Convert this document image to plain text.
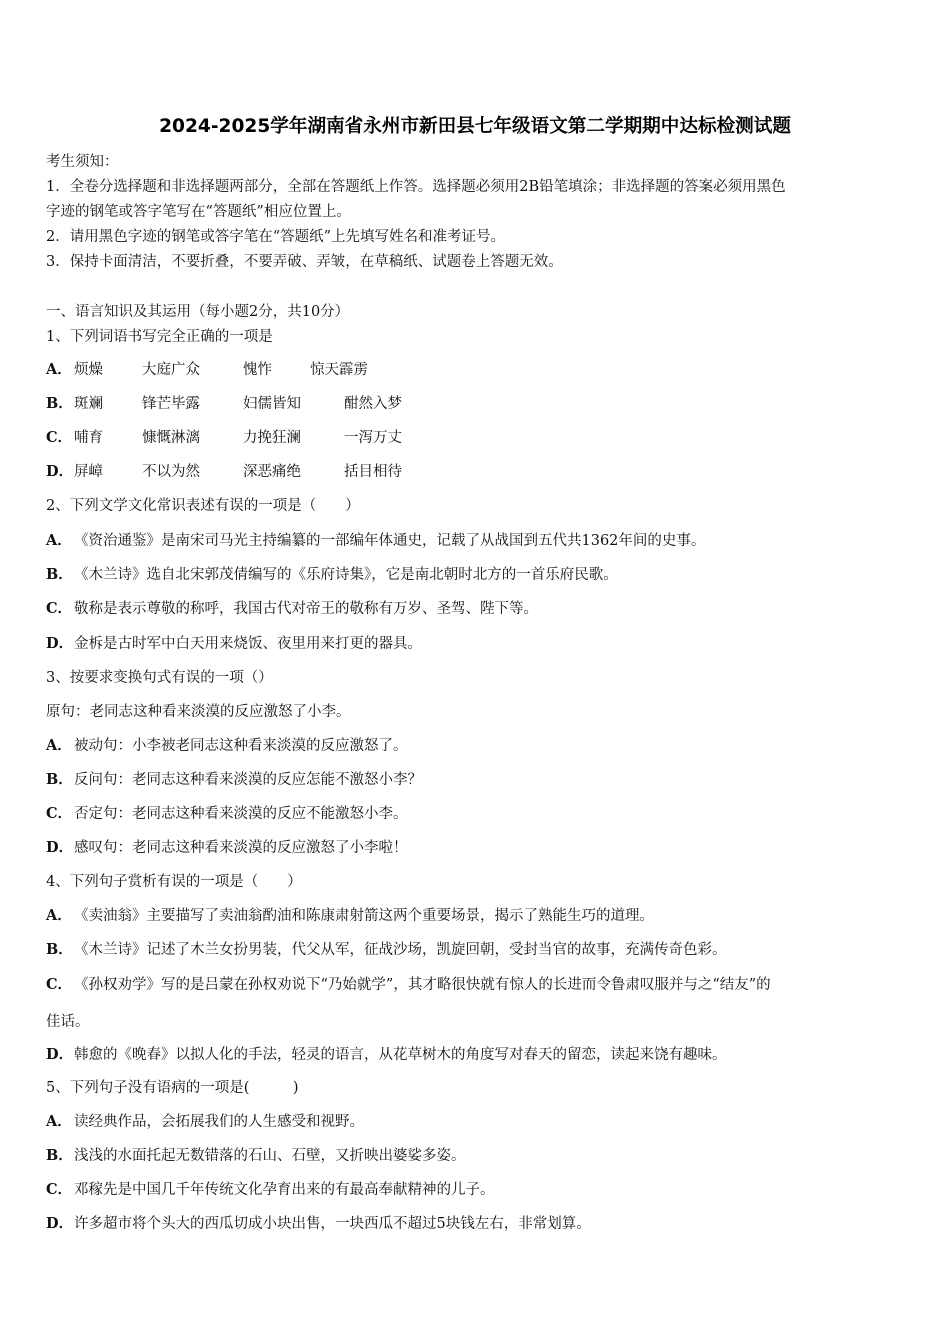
2024-2025学年湖南省永州市新田县七年级语文第二学期期中达标检测试题
考生须知：
1．全卷分选择题和非选择题两部分，全部在答题纸上作答。选择题必须用2B铅笔填涂；非选择题的答案必须用黑色
字迹的钢笔或答字笔写在“答题纸”相应位置上。
2．请用黑色字迹的钢笔或答字笔在“答题纸”上先填写姓名和准考证号。
3．保持卡面清洁，不要折叠，不要弄破、弄皱，在草稿纸、试题卷上答题无效。
一、语言知识及其运用（每小题2分，共10分）
1、下列词语书写完全正确的一项是
A． 烦燥	大庭广众	愧怍	惊天霹雳
B．斑斓	锋芒毕露	妇儒皆知	酣然入梦
C． 哺育	慷慨淋漓	力挽狂澜	一泻万丈
D．屏嶂	不以为然	深恶痛绝	括目相待
2、下列文学文化常识表述有误的一项是（　　）
A． 《资治通鉴》是南宋司马光主持编纂的一部编年体通史，记载了从战国到五代共1362年间的史事。
B．《木兰诗》选自北宋郭茂倩编写的《乐府诗集》，它是南北朝时北方的一首乐府民歌。
C． 敬称是表示尊敬的称呼，我国古代对帝王的敬称有万岁、圣驾、陛下等。
D．金柝是古时军中白天用来烧饭、夜里用来打更的器具。
3、按要求变换句式有误的一项（）
原句：老同志这种看来淡漠的反应激怒了小李。
A． 被动句：小李被老同志这种看来淡漠的反应激怒了。
B．反问句：老同志这种看来淡漠的反应怎能不激怒小李？
C． 否定句：老同志这种看来淡漠的反应不能激怒小李。
D．感叹句：老同志这种看来淡漠的反应激怒了小李啦！
4、下列句子赏析有误的一项是（　　）
A． 《卖油翁》主要描写了卖油翁酌油和陈康肃射箭这两个重要场景，揭示了熟能生巧的道理。
B．《木兰诗》记述了木兰女扮男装，代父从军，征战沙场，凯旋回朝，受封当官的故事，充满传奇色彩。
C． 《孙权劝学》写的是吕蒙在孙权劝说下“乃始就学”，其才略很快就有惊人的长进而令鲁肃叹服并与之“结友”的
佳话。
D．韩愈的《晚春》以拟人化的手法，轻灵的语言，从花草树木的角度写对春天的留恋，读起来饶有趣味。
5、下列句子没有语病的一项是(　　　)
A． 读经典作品，会拓展我们的人生感受和视野。
B．浅浅的水面托起无数错落的石山、石壁，又折映出婆娑多姿。
C． 邓稼先是中国几千年传统文化孕育出来的有最高奉献精神的儿子。
D．许多超市将个头大的西瓜切成小块出售，一块西瓜不超过5块钱左右，非常划算。
